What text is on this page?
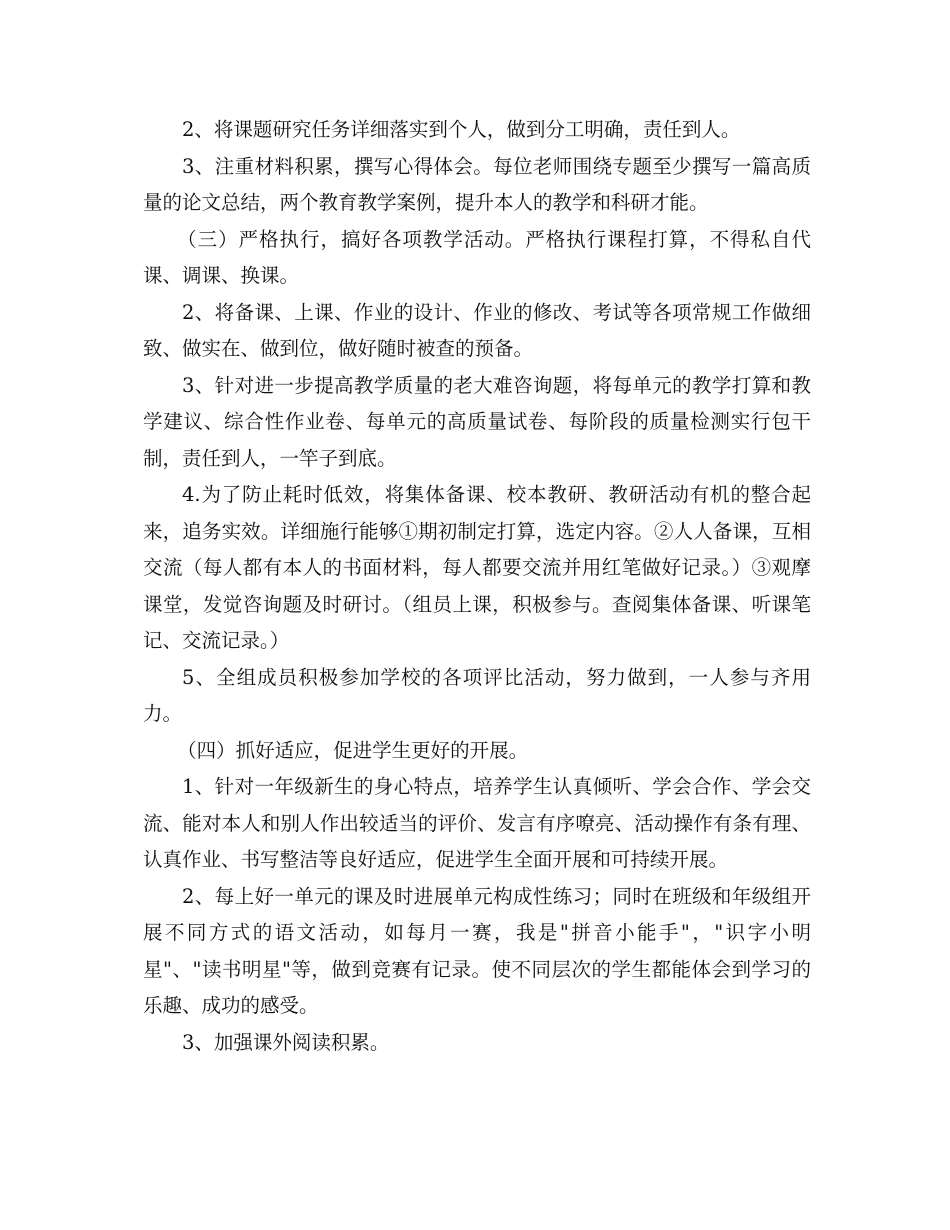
2、将课题研究任务详细落实到个人，做到分工明确，责任到人。

3、注重材料积累，撰写心得体会。每位老师围绕专题至少撰写一篇高质量的论文总结，两个教育教学案例，提升本人的教学和科研才能。

（三）严格执行，搞好各项教学活动。严格执行课程打算，不得私自代课、调课、换课。

2、将备课、上课、作业的设计、作业的修改、考试等各项常规工作做细致、做实在、做到位，做好随时被查的预备。

3、针对进一步提高教学质量的老大难咨询题，将每单元的教学打算和教学建议、综合性作业卷、每单元的高质量试卷、每阶段的质量检测实行包干制，责任到人，一竿子到底。

4.为了防止耗时低效，将集体备课、校本教研、教研活动有机的整合起来，追务实效。详细施行能够①期初制定打算，选定内容。②人人备课，互相交流（每人都有本人的书面材料，每人都要交流并用红笔做好记录。）③观摩课堂，发觉咨询题及时研讨。（组员上课，积极参与。查阅集体备课、听课笔记、交流记录。）

5、全组成员积极参加学校的各项评比活动，努力做到，一人参与齐用力。

（四）抓好适应，促进学生更好的开展。

1、针对一年级新生的身心特点，培养学生认真倾听、学会合作、学会交流、能对本人和别人作出较适当的评价、发言有序嘹亮、活动操作有条有理、认真作业、书写整洁等良好适应，促进学生全面开展和可持续开展。

2、每上好一单元的课及时进展单元构成性练习；同时在班级和年级组开展不同方式的语文活动，如每月一赛，我是"拼音小能手"，"识字小明星"、"读书明星"等，做到竞赛有记录。使不同层次的学生都能体会到学习的乐趣、成功的感受。

3、加强课外阅读积累。
